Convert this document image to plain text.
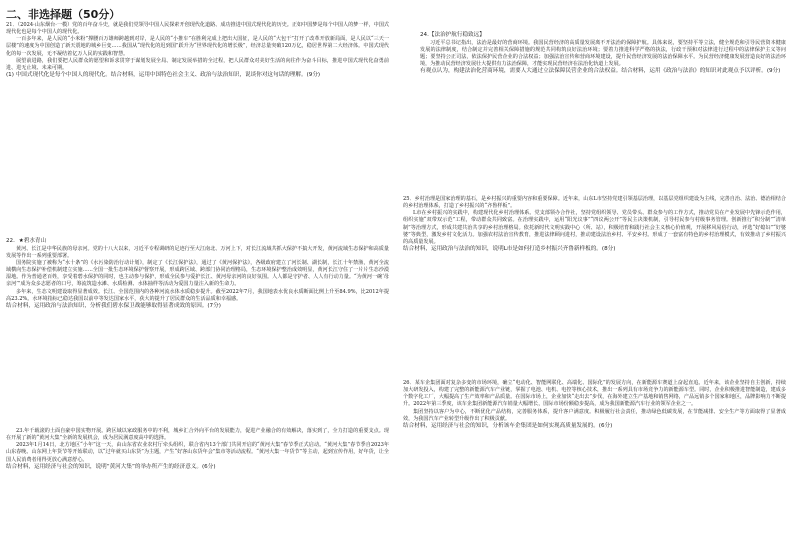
二、非选择题（50分）

21．（2024·山东烟台·一模）党的百年奋斗史，就是我们党领导中国人民探索开创现代化道路、成功推进中国式现代化的历史。正如中国梦是每个中国人的梦一样，中国式现代化也是每个中国人的现代化。

一百多年来，是人民的“小米粉”撑腰百万雄师跨越到对岸，是人民的“小推车”在胜利完成上把出大国征，是人民的“大包干”打开了改革开放新局面，是人民以“三天一层楼”的速度为中国创造了新天震地的城乡巨变……我国从“现代化的迟到国”跃升为“世界现代化的增长极”，经济总量突破120万亿，稳居世界第二大经济体。中国式现代化的每一次发展，无不凝结着亿万人民的实践和智慧。

展望前进路，我们要把人民群众的愿望和诉求贯穿于谋划发展全局、制定发展举措的全过程，把人民群众对美好生活的向往作为奋斗目标，推进中国式现代化奋勇前进、进无止境、未来可期。

(1) 中国式现代化是每个中国人的现代化。结合材料，运用中国特色社会主义、政治与法治知识，说谈你对这句话的理解。(9分)

22．★碧水青山

黄河、长江是中华民族的母亲河。党的十八大以来，习近平专程调研的足迹行至大江南北、万河上下，对长江流域共抓大保护不搞大开发，黄河流域生态保护和高质量发展等作出一系列重要部署。

国务院实施了被称为“水十条”的《水污染防治行动计划》，制定了《长江保护法》，通过了《黄河保护法》，各级政府建立了河长制、湖长制，长江十年禁渔，黄河全流域横向生态保护补偿机制建立实施……全国一批生态环境保护督察开展，形成跨区域、跨部门协同治理格局，生态环境保护整治成效明显，黄河长江守住了一片片生态沙漠湿地。作为普通老百姓，享受着碧水保护的同时，也主动参与保护，形成全民参与爱护长江、黄河母亲河的良好氛围。人人都是守护者、人人有行动力量。“为黄河一碗‘母亲河’”成为众多志愿者的口号，筹流筑造水滩、水质检测、水体抽样等活动为爱国力量注入新的生命力。

多年来，生态文明建设取得显著成效。长江、全国范围内的各种河流水体水质稳步提升。截至2022年7月，我国地表水优良水质断面比例上升至84.9%，比2012年提高23.2%。水环境指标已稳达我国以前中等发达国家水平，获大的提升了居民群众的生活品质和幸福感。

结合材料，运用政治与法治知识，分析我们碧水保卫战能够取得显著成效的原因。(7分)

23.年千载滚的土面自豪中国实物开展。跨区域以家政服务中的不利，城乡汇合外向平台的发展能力，促进产业融合的有效解决，落实到了，全力打造的重要支点。现在开展了新的“黄河大集”全新的发展机会，成为居民满意度高中的选择。

2023年1月14日，北方地区“小年”这一天，由山东省农业农村厅牵头组织，联合省内13个部门共同开启的“黄河大集”春节季正式启动。“黄河大集”春节季自2023年山东春晚、山东网上年货节等开始联动，以“过年就买山东货”为主题，产生“好客山东货年会”集市等活动流程。“黄河大集一年货节”等主动，起到宣传作用，好年货，让全国人民消费者用得更放心满意舒心。

结合材料，运用经济与社会的知识，说明“黄河大集”的举办所产生的经济意义。(6分)

24.【法治护航行稳致远】

习近平总书记指出，法治是最好的营商环境。我国民营经济的高质量发展离不开法治的保障护航。具体来说，要坚持平等立法，健全规范和引导民营资本健康发展的法律制度，结合制定并完善相关保障措施的规范共同构筑良好法治环境；要着力推进科学严格的执法，行政干预和对法律进行过程中的法律保护主义等问题；要坚持公正司法，依法保护民营企业的合法权益；加强法治宣传和营商环境建设，提升民营经济发展的法治保障水平。为民营经济健康发展营造良好的法治环境，为推动民营经济发展壮大提供有力法治保障，才能实现民营经济在法治化轨道上发展。

有观点认为，构建法治化营商环境，需要人大通过立法保障民营企业的合法权益。结合材料，运用《政治与法治》的知识对此观点予以评析。(9分)

25．乡村治理是国家治理的基石，是乡村振兴的重要内容和重要保障。近年来，山东L市坚持党建引领基层治理，以基层党组织建设为主线，完善自治、法治、德治相结合的乡村治理体系，打造了乡村振兴的“齐鲁样板”。

L市在乡村振兴的实践中，构建现代化乡村治理体系。党支部领办合作社，坚持党组织领导、党员带头、群众参与的工作方式，推动党员在产业发展中先锋示范作用，组织实施“双带双示范”工程，带动群众共同致富。在治理实践中，运用“阳光议事”“四议两公开”等民主决策机制，引导村民参与村级事务管理。创新推行“积分制”“清单制”等治理方式，形成共建共治共享的乡村治理格局。依托新时代文明实践中心（所、站），积极培育和践行社会主义核心价值观，开展移风易俗行动，评选“好媳妇”“好婆婆”等典型，激发乡村文化活力。加强农村法治宣传教育，推进法律顾问进村，推动建设法治乡村、平安乡村。形成了一套富有特色的乡村治理模式，有效推动了乡村振兴的高质量发展。

结合材料，运用政治与法治的知识，说明L市是如何打造乡村振兴齐鲁新样板的。(8分)

26．某车企集团面对复杂多变的市场环境，确立“电动化、智能网联化、高端化、国际化”的发展方向，在新能源车赛道上奋起直追。近年来，该企业坚持自主创新，持续加大研发投入，构建了完整的新能源汽车产业链，掌握了电池、电机、电控等核心技术，推出一系列具有市场竞争力的新能源车型。同时，企业积极推进智能制造，建成多个数字化工厂，大幅提高了生产效率和产品质量。在国际市场上，企业加快“走出去”步伐，在海外建立生产基地和销售网络，产品远销多个国家和地区，品牌影响力不断提升。2022年第三季度，该车企集团新能源汽车销量大幅增长，国际市场份额稳步提高，成为我国新能源汽车行业的领军企业之一。

集团坚持以客户为中心，不断优化产品结构，完善服务体系，提升客户满意度。积极履行社会责任，推动绿色低碳发展，在节能减排、安全生产等方面取得了显著成效，为我国汽车产业转型升级作出了积极贡献。

结合材料，运用经济与社会的知识，分析该车企集团是如何实现高质量发展的。(6分)
